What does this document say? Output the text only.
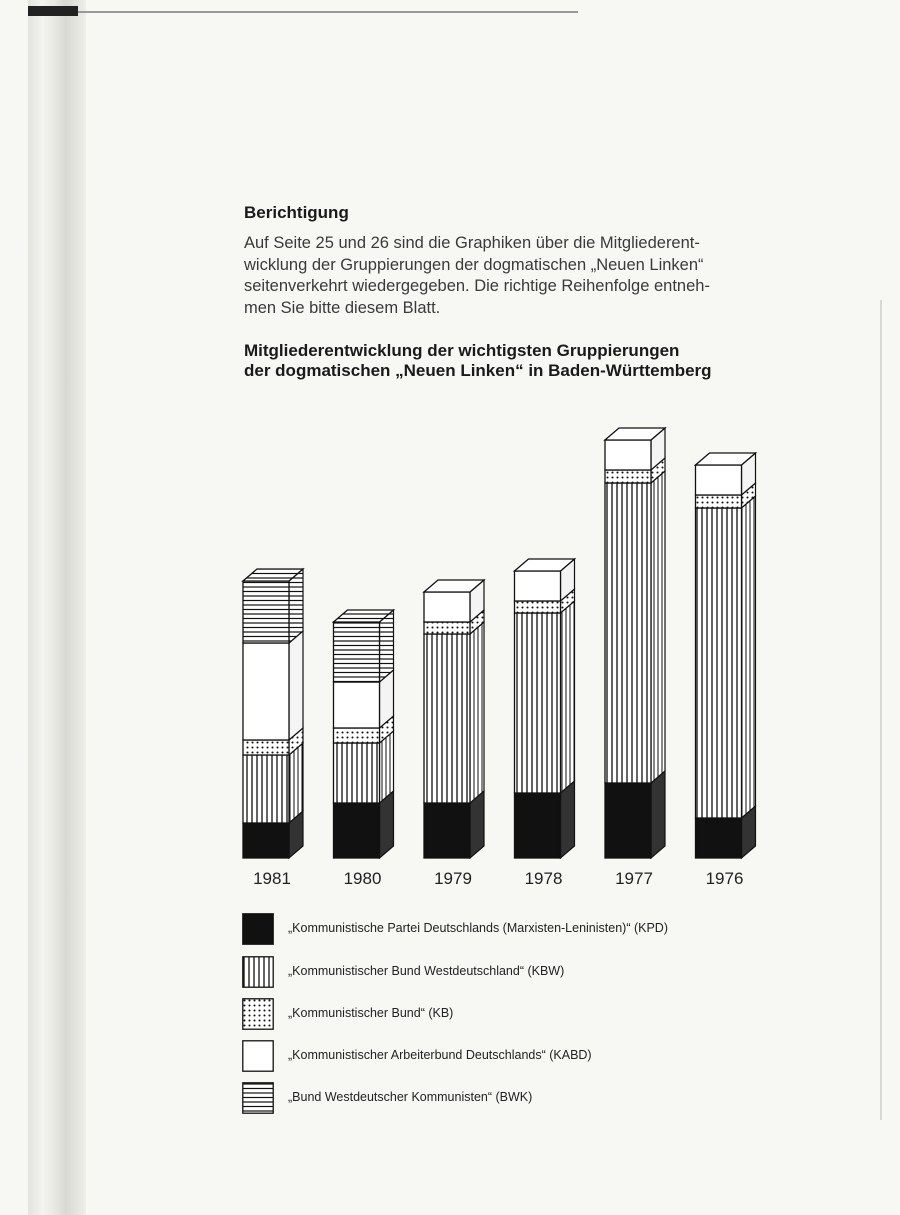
Berichtigung
Auf Seite 25 und 26 sind die Graphiken über die Mitgliederent-
wicklung der Gruppierungen der dogmatischen „Neuen Linken“
seitenverkehrt wiedergegeben. Die richtige Reihenfolge entneh-
men Sie bitte diesem Blatt.
Mitgliederentwicklung der wichtigsten Gruppierungen
der dogmatischen „Neuen Linken“ in Baden-Württemberg
1981	1980	1979	1978	1977	1976
„Kommunistische Partei Deutschlands (Marxisten-Leninisten)“ (KPD)
„Kommunistischer Bund Westdeutschland“ (KBW)
„Kommunistischer Bund“ (KB)
„Kommunistischer Arbeiterbund Deutschlands“ (KABD)
„Bund Westdeutscher Kommunisten“ (BWK)
